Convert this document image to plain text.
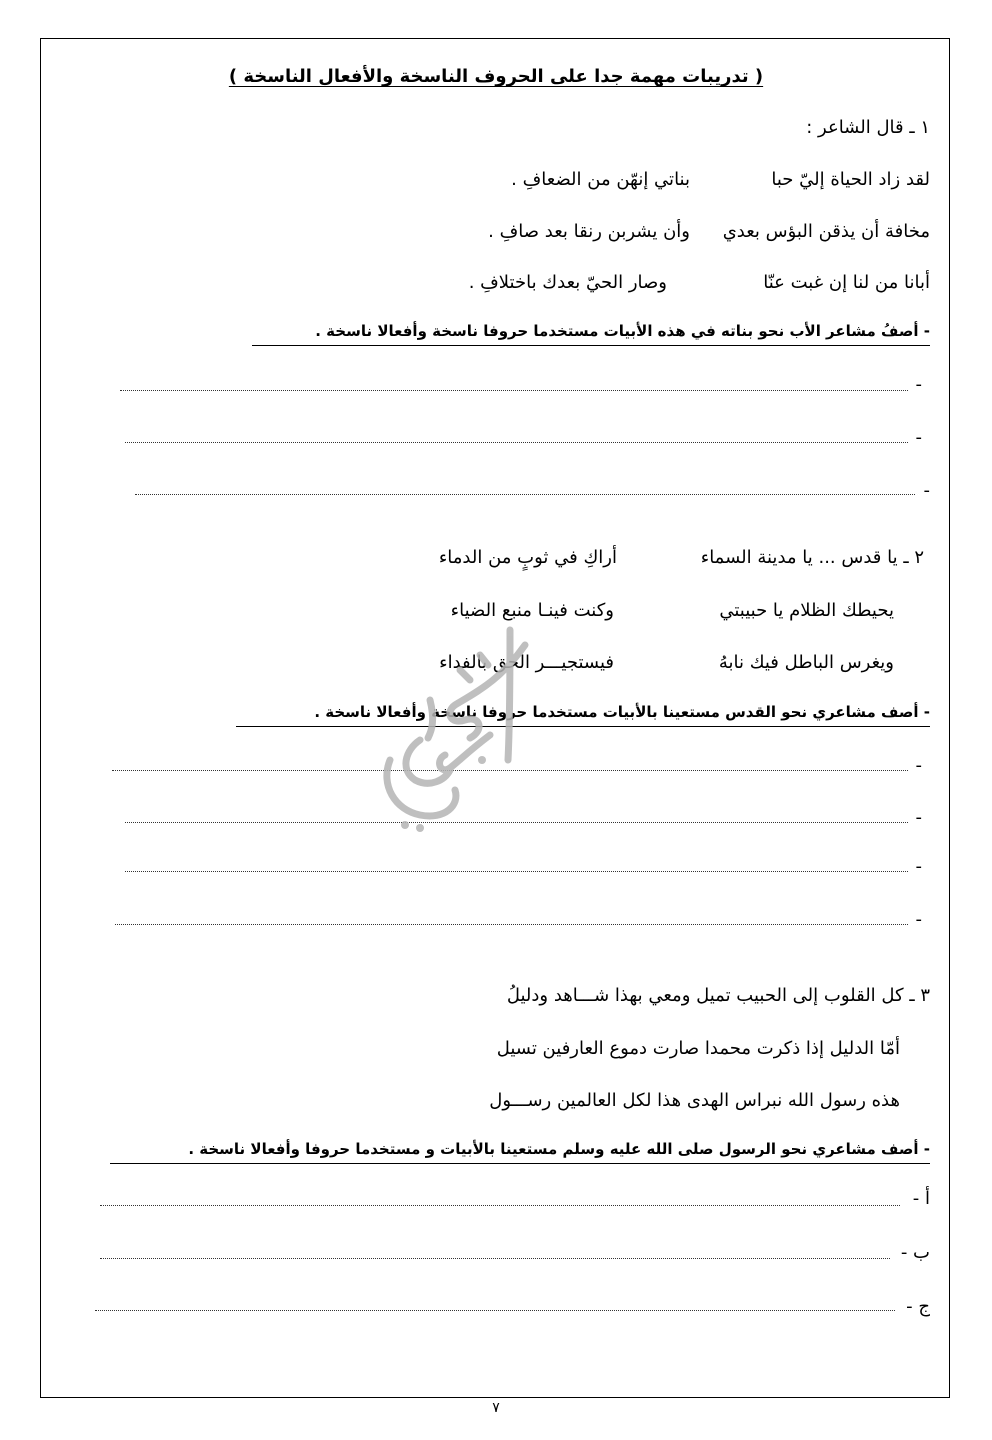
( تدريبات مهمة جدا على الحروف الناسخة والأفعال الناسخة )
١ ـ قال الشاعر :
لقد زاد الحياة إليّ حبا
بناتي إنهّن من الضعافِ .
مخافة أن يذقن البؤس بعدي
وأن يشربن رنقا بعد صافِ .
أبانا من لنا إن غبت عنّا
وصار الحيّ بعدك باختلافِ .
- أصفُ مشاعر الأب نحو بناته في هذه الأبيات مستخدما حروفا ناسخة وأفعالا ناسخة .
-
-
-
٢ ـ يا قدس ... يا مدينة السماء
أراكِ في ثوبٍ من الدماء
يحيطك الظلام يا حبيبتي
وكنت فينـا منبع الضياء
ويغرس الباطل فيك نابهُ
فيستجيـــر الحق بالفداء
- أصف مشاعري نحو القدس مستعينا بالأبيات مستخدما حروفا ناسخة وأفعالا ناسخة .
-
-
-
-
٣ ـ كل القلوب إلى الحبيب تميل ومعي بهذا شـــاهد ودليلُ
أمّا الدليل إذا ذكرت محمدا صارت دموع العارفين تسيل
هذه رسول الله نبراس الهدى هذا لكل العالمين رســـول
- أصف مشاعري نحو الرسول صلى الله عليه وسلم مستعينا بالأبيات و مستخدما حروفا وأفعالا ناسخة .
أ -
ب -
ج -
٧
